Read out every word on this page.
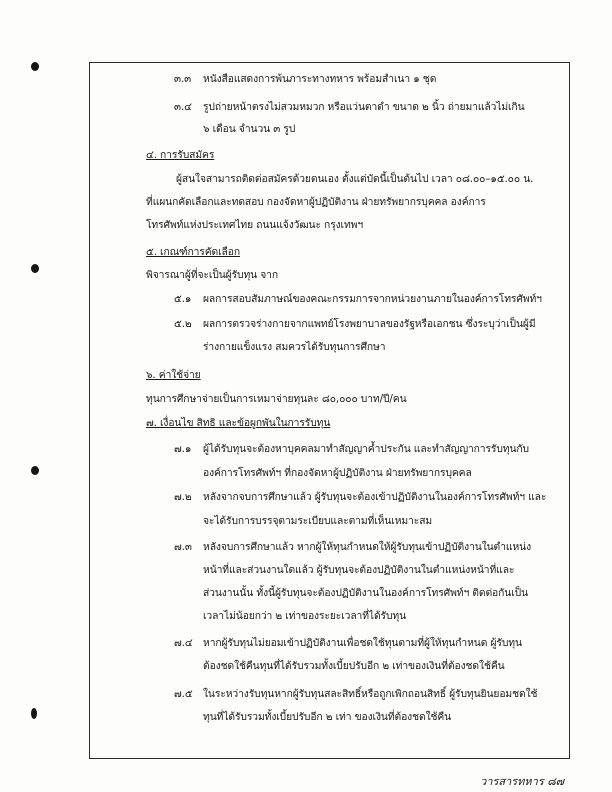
๓.๓ หนังสือแสดงการพ้นภาระทางทหาร พร้อมสำเนา ๑ ชุด
๓.๔ รูปถ่ายหน้าตรงไม่สวมหมวก หรือแว่นตาดำ ขนาด ๒ นิ้ว ถ่ายมาแล้วไม่เกิน
๖ เดือน จำนวน ๓ รูป
๔. การรับสมัคร
ผู้สนใจสามารถติดต่อสมัครด้วยตนเอง ตั้งแต่บัดนี้เป็นต้นไป เวลา ๐๘.๐๐–๑๕.๐๐ น.
ที่แผนกคัดเลือกและทดสอบ กองจัดหาผู้ปฏิบัติงาน ฝ่ายทรัพยากรบุคคล องค์การ
โทรศัพท์แห่งประเทศไทย ถนนแจ้งวัฒนะ กรุงเทพฯ
๕. เกณฑ์การคัดเลือก
พิจารณาผู้ที่จะเป็นผู้รับทุน จาก
๕.๑ ผลการสอบสัมภาษณ์ของคณะกรรมการจากหน่วยงานภายในองค์การโทรศัพท์ฯ
๕.๒ ผลการตรวจร่างกายจากแพทย์โรงพยาบาลของรัฐหรือเอกชน ซึ่งระบุว่าเป็นผู้มี
ร่างกายแข็งแรง สมควรได้รับทุนการศึกษา
๖. ค่าใช้จ่าย
ทุนการศึกษาจ่ายเป็นการเหมาจ่ายทุนละ ๘๐,๐๐๐ บาท/ปี/คน
๗. เงื่อนไข สิทธิ และข้อผูกพันในการรับทุน
๗.๑ ผู้ได้รับทุนจะต้องหาบุคคลมาทำสัญญาค้ำประกัน และทำสัญญาการรับทุนกับ
องค์การโทรศัพท์ฯ ที่กองจัดหาผู้ปฏิบัติงาน ฝ่ายทรัพยากรบุคคล
๗.๒ หลังจากจบการศึกษาแล้ว ผู้รับทุนจะต้องเข้าปฏิบัติงานในองค์การโทรศัพท์ฯ และ
จะได้รับการบรรจุตามระเบียบและตามที่เห็นเหมาะสม
๗.๓ หลังจบการศึกษาแล้ว หากผู้ให้ทุนกำหนดให้ผู้รับทุนเข้าปฏิบัติงานในตำแหน่ง
หน้าที่และส่วนงานใดแล้ว ผู้รับทุนจะต้องปฏิบัติงานในตำแหน่งหน้าที่และ
ส่วนงานนั้น ทั้งนี้ผู้รับทุนจะต้องปฏิบัติงานในองค์การโทรศัพท์ฯ ติดต่อกันเป็น
เวลาไม่น้อยกว่า ๒ เท่าของระยะเวลาที่ได้รับทุน
๗.๔ หากผู้รับทุนไม่ยอมเข้าปฏิบัติงานเพื่อชดใช้ทุนตามที่ผู้ให้ทุนกำหนด ผู้รับทุน
ต้องชดใช้คืนทุนที่ได้รับรวมทั้งเบี้ยปรับอีก ๒ เท่าของเงินที่ต้องชดใช้คืน
๗.๕ ในระหว่างรับทุนหากผู้รับทุนสละสิทธิ์หรือถูกเพิกถอนสิทธิ์ ผู้รับทุนยินยอมชดใช้
ทุนที่ได้รับรวมทั้งเบี้ยปรับอีก ๒ เท่า ของเงินที่ต้องชดใช้คืน
วารสารทหาร ๘๗
